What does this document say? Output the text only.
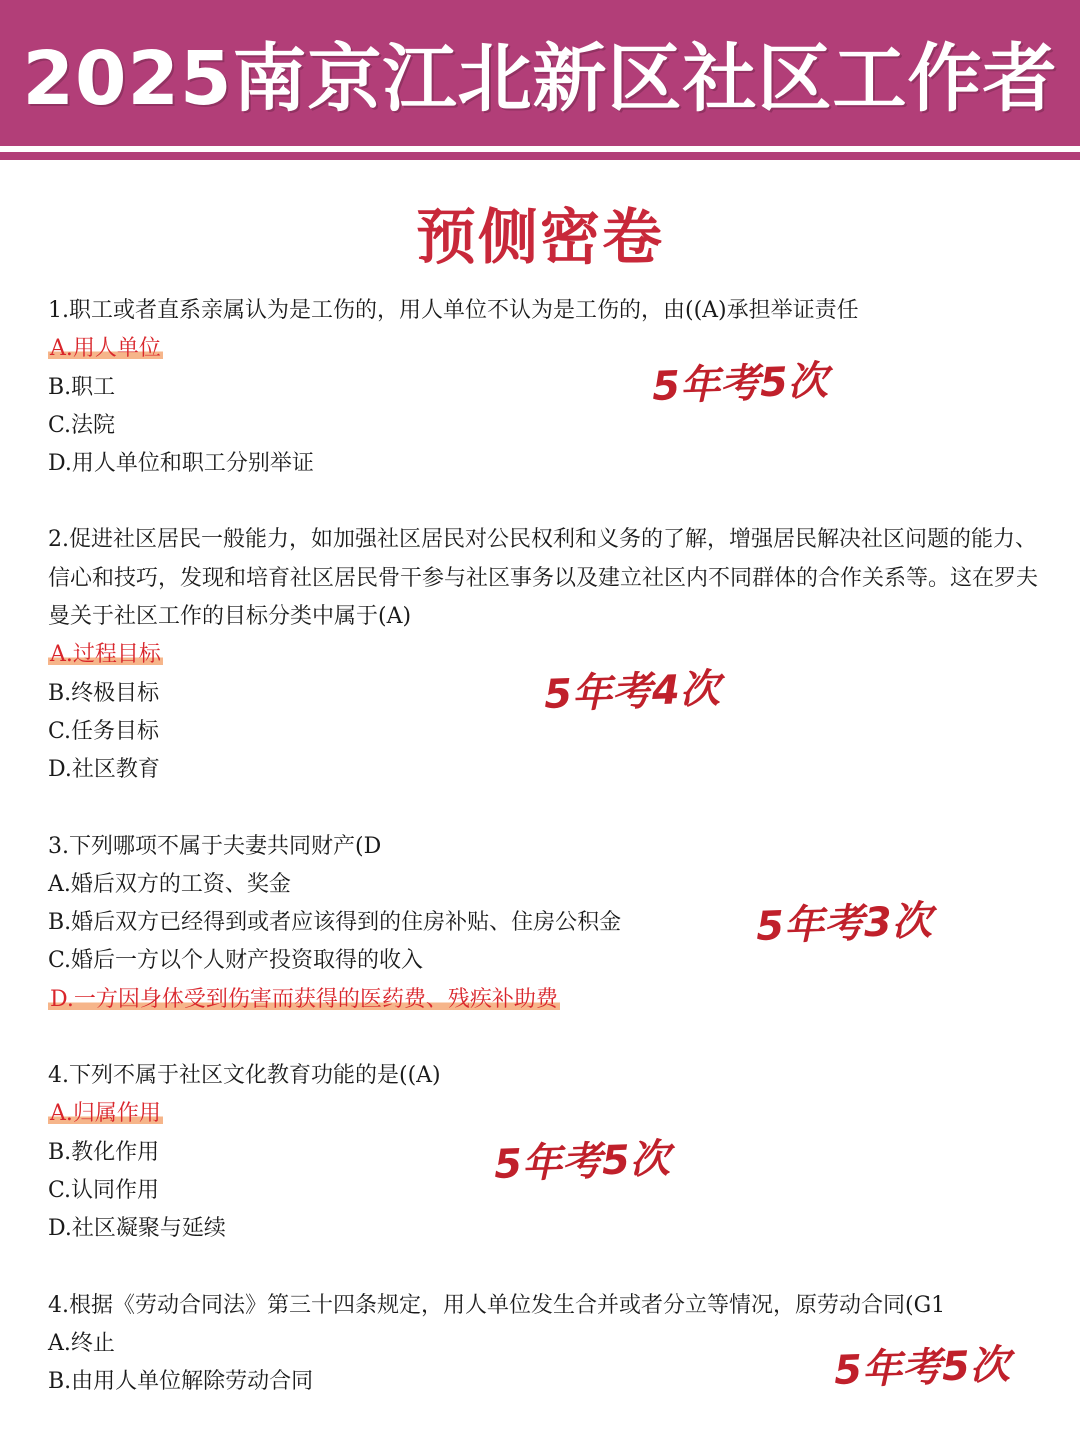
2025南京江北新区社区工作者
预侧密卷
1.职工或者直系亲属认为是工伤的，用人单位不认为是工伤的，由((A)承担举证责任
A.用人单位
B.职工
C.法院
D.用人单位和职工分别举证
2.促进社区居民一般能力，如加强社区居民对公民权利和义务的了解，增强居民解决社区问题的能力、信心和技巧，发现和培育社区居民骨干参与社区事务以及建立社区内不同群体的合作关系等。这在罗夫曼关于社区工作的目标分类中属于(A)
A.过程目标
B.终极目标
C.任务目标
D.社区教育
3.下列哪项不属于夫妻共同财产(D
A.婚后双方的工资、奖金
B.婚后双方已经得到或者应该得到的住房补贴、住房公积金
C.婚后一方以个人财产投资取得的收入
D.一方因身体受到伤害而获得的医药费、残疾补助费
4.下列不属于社区文化教育功能的是((A)
A.归属作用
B.教化作用
C.认同作用
D.社区凝聚与延续
4.根据《劳动合同法》第三十四条规定，用人单位发生合并或者分立等情况，原劳动合同(G1
A.终止
B.由用人单位解除劳动合同
5年考5次
5年考4次
5年考3次
5年考5次
5年考5次
